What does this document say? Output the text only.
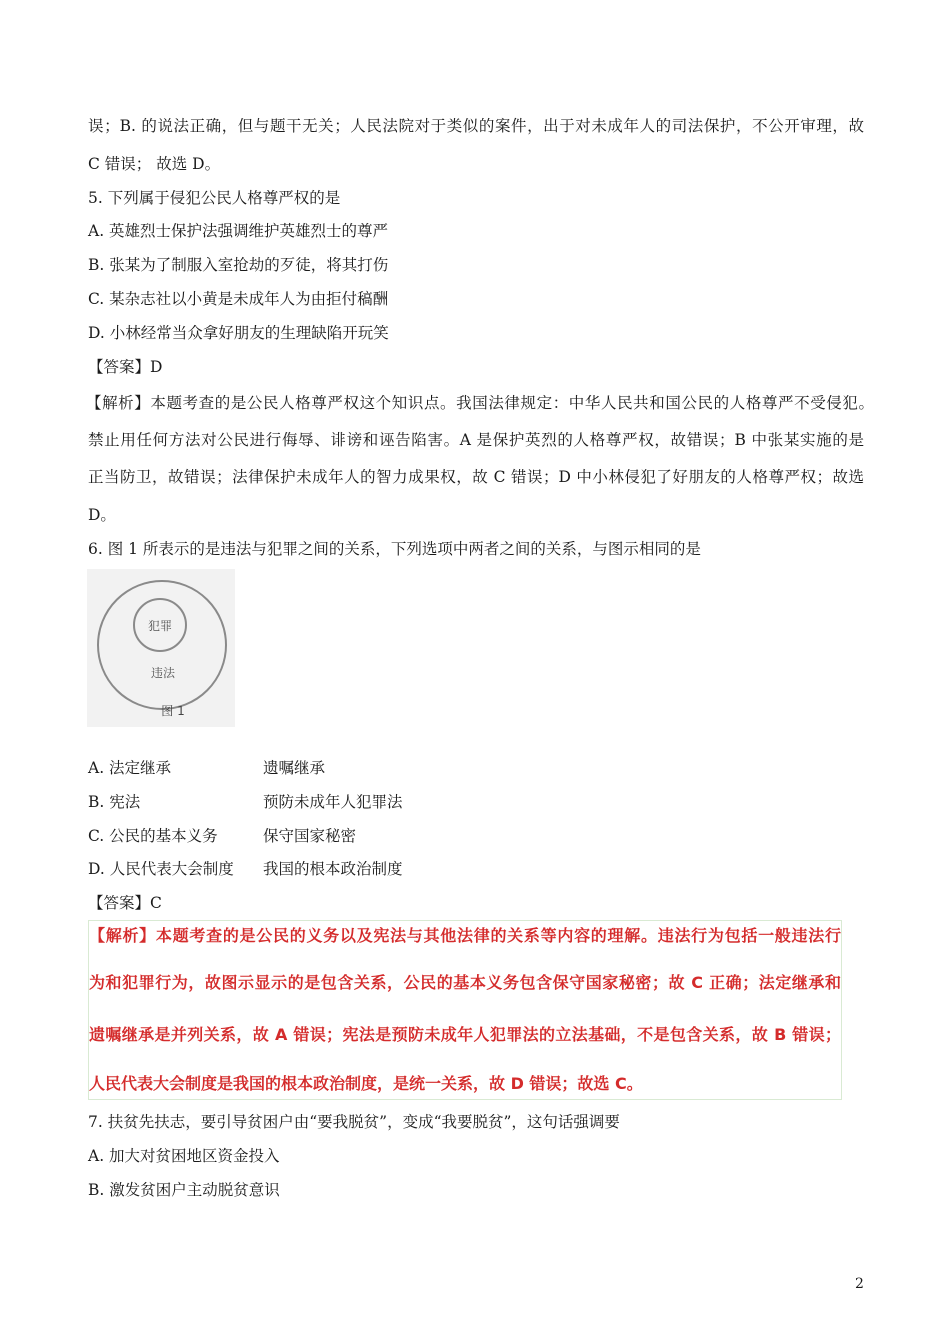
误；B. 的说法正确，但与题干无关；人民法院对于类似的案件，出于对未成年人的司法保护，不公开审理，故
C 错误； 故选 D。
5. 下列属于侵犯公民人格尊严权的是
A. 英雄烈士保护法强调维护英雄烈士的尊严
B. 张某为了制服入室抢劫的歹徒，将其打伤
C. 某杂志社以小黄是未成年人为由拒付稿酬
D. 小林经常当众拿好朋友的生理缺陷开玩笑
【答案】D
【解析】本题考查的是公民人格尊严权这个知识点。我国法律规定：中华人民共和国公民的人格尊严不受侵犯。
禁止用任何方法对公民进行侮辱、诽谤和诬告陷害。A 是保护英烈的人格尊严权，故错误；B 中张某实施的是
正当防卫，故错误；法律保护未成年人的智力成果权，故 C 错误；D 中小林侵犯了好朋友的人格尊严权；故选
D。
6. 图 1 所表示的是违法与犯罪之间的关系，下列选项中两者之间的关系，与图示相同的是
犯罪
违法
图 1
A. 法定继承	遗嘱继承
B. 宪法	预防未成年人犯罪法
C. 公民的基本义务	保守国家秘密
D. 人民代表大会制度 我国的根本政治制度
【答案】C
【解析】本题考查的是公民的义务以及宪法与其他法律的关系等内容的理解。违法行为包括一般违法行
为和犯罪行为，故图示显示的是包含关系，公民的基本义务包含保守国家秘密；故 C 正确；法定继承和
遗嘱继承是并列关系，故 A 错误；宪法是预防未成年人犯罪法的立法基础，不是包含关系，故 B 错误；
人民代表大会制度是我国的根本政治制度，是统一关系，故 D 错误；故选 C。
7. 扶贫先扶志，要引导贫困户由“要我脱贫”，变成“我要脱贫”，这句话强调要
A. 加大对贫困地区资金投入
B. 激发贫困户主动脱贫意识
2
